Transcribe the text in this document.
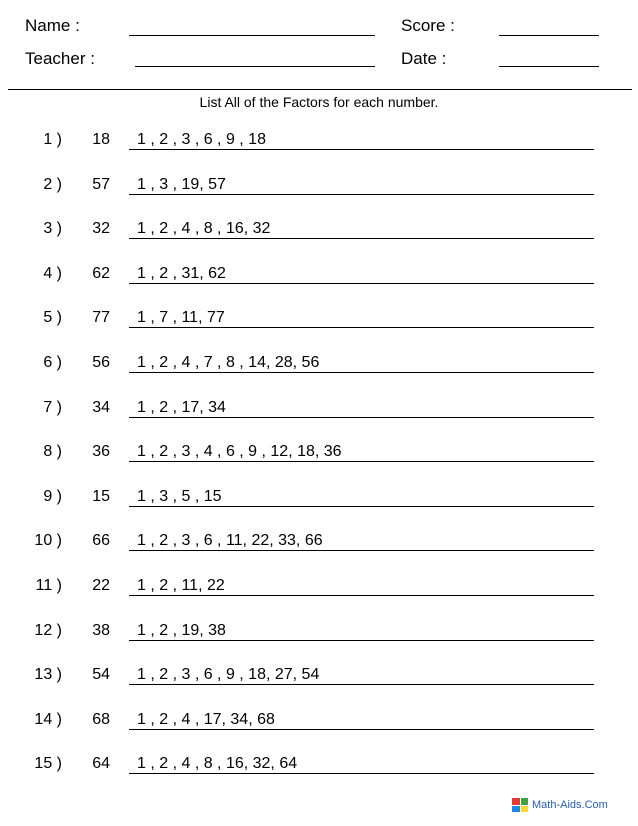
Name :	Score :
Teacher :	Date :
List All of the Factors for each number.
1 )	18	1 , 2 , 3 , 6 , 9 , 18
2 )	57	1 , 3 , 19, 57
3 )	32	1 , 2 , 4 , 8 , 16, 32
4 )	62	1 , 2 , 31, 62
5 )	77	1 , 7 , 11, 77
6 )	56	1 , 2 , 4 , 7 , 8 , 14, 28, 56
7 )	34	1 , 2 , 17, 34
8 )	36	1 , 2 , 3 , 4 , 6 , 9 , 12, 18, 36
9 )	15	1 , 3 , 5 , 15
10 )	66	1 , 2 , 3 , 6 , 11, 22, 33, 66
11 )	22	1 , 2 , 11, 22
12 )	38	1 , 2 , 19, 38
13 )	54	1 , 2 , 3 , 6 , 9 , 18, 27, 54
14 )	68	1 , 2 , 4 , 17, 34, 68
15 )	64	1 , 2 , 4 , 8 , 16, 32, 64
Math-Aids.Com
